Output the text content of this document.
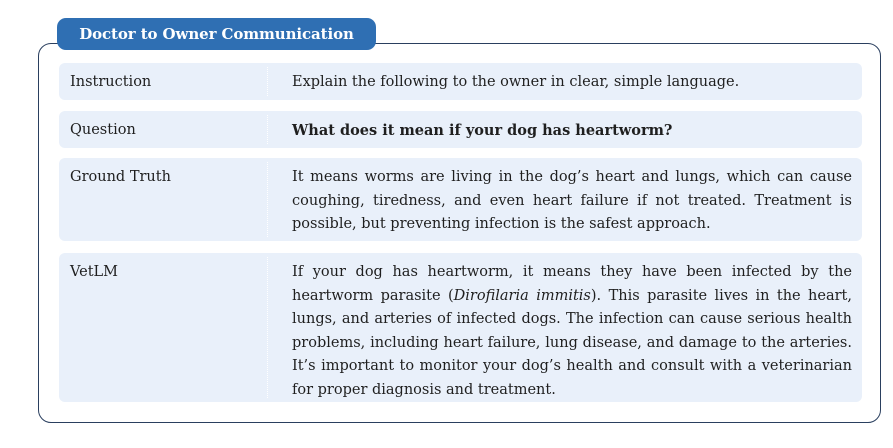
Doctor to Owner Communication
Instruction	Explain the following to the owner in clear, simple language.
Question	What does it mean if your dog has heartworm?
Ground Truth	It means worms are living in the dog’s heart and lungs, which can cause coughing, tiredness, and even heart failure if not treated. Treatment is possible, but preventing infection is the safest approach.
VetLM	If your dog has heartworm, it means they have been infected by the heartworm parasite (Dirofilaria immitis). This parasite lives in the heart, lungs, and arteries of infected dogs. The infection can cause serious health problems, including heart failure, lung disease, and damage to the arteries. It’s important to monitor your dog’s health and consult with a veterinarian for proper diagnosis and treatment.
